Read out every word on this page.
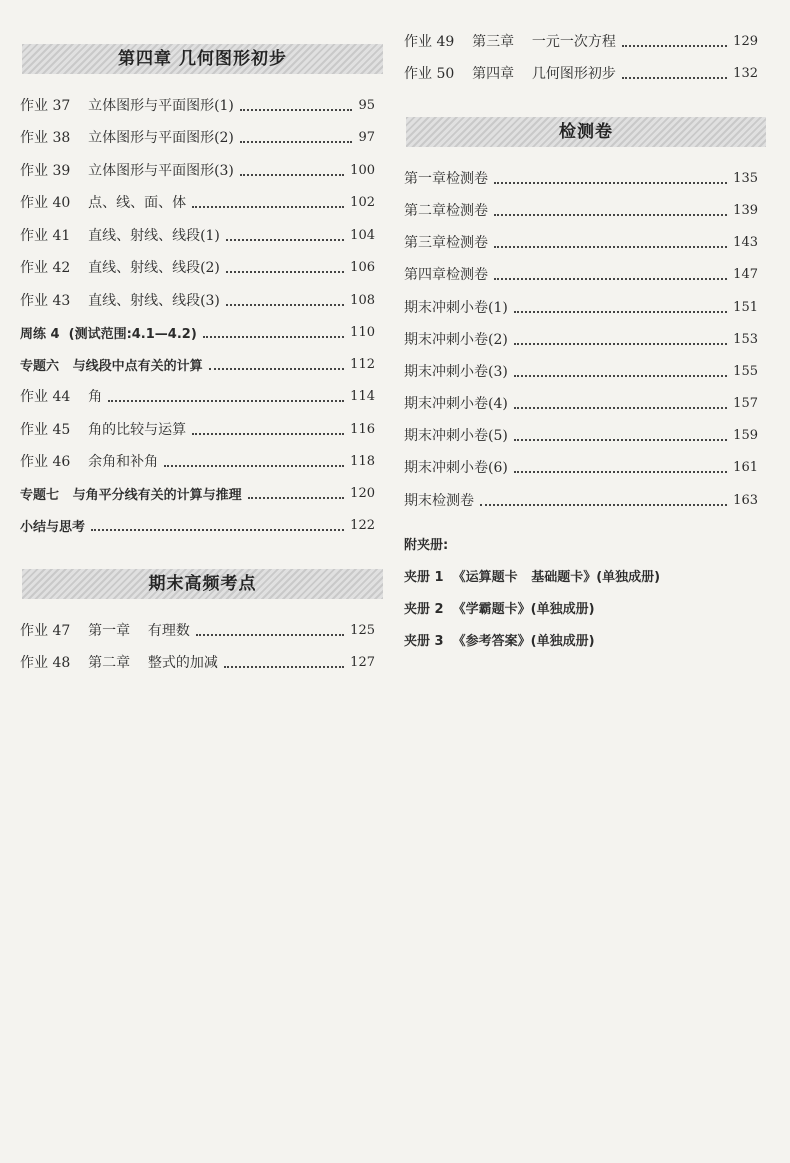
第四章 几何图形初步
作业 37    立体图形与平面图形(1)	95
作业 38    立体图形与平面图形(2)	97
作业 39    立体图形与平面图形(3)	100
作业 40    点、线、面、体	102
作业 41    直线、射线、线段(1)	104
作业 42    直线、射线、线段(2)	106
作业 43    直线、射线、线段(3)	108
周练 4  (测试范围:4.1—4.2)	110
专题六   与线段中点有关的计算	112
作业 44    角	114
作业 45    角的比较与运算	116
作业 46    余角和补角	118
专题七   与角平分线有关的计算与推理	120
小结与思考	122
期末高频考点
作业 47    第一章    有理数	125
作业 48    第二章    整式的加减	127
作业 49    第三章    一元一次方程	129
作业 50    第四章    几何图形初步	132
检测卷
第一章检测卷	135
第二章检测卷	139
第三章检测卷	143
第四章检测卷	147
期末冲刺小卷(1)	151
期末冲刺小卷(2)	153
期末冲刺小卷(3)	155
期末冲刺小卷(4)	157
期末冲刺小卷(5)	159
期末冲刺小卷(6)	161
期末检测卷	163
附夹册:
夹册 1  《运算题卡   基础题卡》(单独成册)
夹册 2  《学霸题卡》(单独成册)
夹册 3  《参考答案》(单独成册)
